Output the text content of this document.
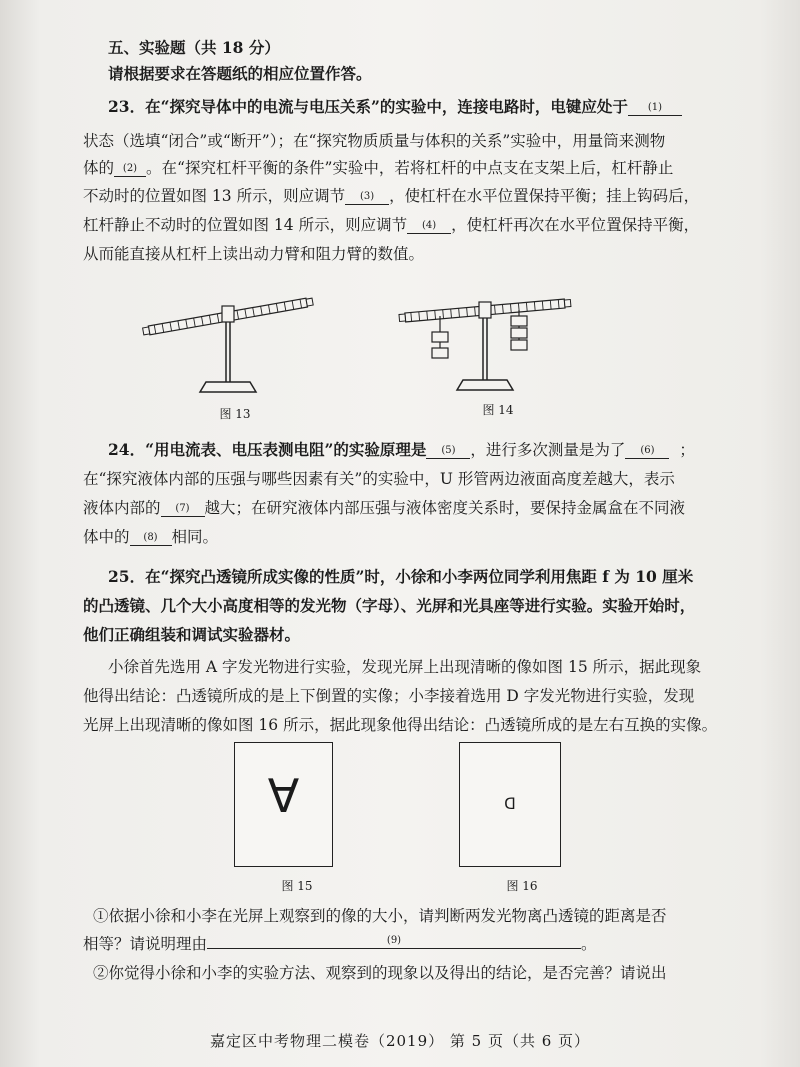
五、实验题（共 18 分）
请根据要求在答题纸的相应位置作答。
23．在“探究导体中的电流与电压关系”的实验中，连接电路时，电键应处于 (1)
状态（选填“闭合”或“断开”）；在“探究物质质量与体积的关系”实验中，用量筒来测物
体的 (2) 。在“探究杠杆平衡的条件”实验中，若将杠杆的中点支在支架上后，杠杆静止
不动时的位置如图 13 所示，则应调节 (3) ，使杠杆在水平位置保持平衡；挂上钩码后，
杠杆静止不动时的位置如图 14 所示，则应调节 (4) ，使杠杆再次在水平位置保持平衡，
从而能直接从杠杆上读出动力臂和阻力臂的数值。
图 13	图 14
24．“用电流表、电压表测电阻”的实验原理是 (5) ，进行多次测量是为了 (6) ；
在“探究液体内部的压强与哪些因素有关”的实验中，U 形管两边液面高度差越大，表示
液体内部的 (7) 越大；在研究液体内部压强与液体密度关系时，要保持金属盒在不同液
体中的 (8) 相同。
25．在“探究凸透镜所成实像的性质”时，小徐和小李两位同学利用焦距 f 为 10 厘米
的凸透镜、几个大小高度相等的发光物（字母）、光屏和光具座等进行实验。实验开始时，
他们正确组装和调试实验器材。
小徐首先选用 A 字发光物进行实验，发现光屏上出现清晰的像如图 15 所示，据此现象
他得出结论：凸透镜所成的是上下倒置的实像；小李接着选用 D 字发光物进行实验，发现
光屏上出现清晰的像如图 16 所示，据此现象他得出结论：凸透镜所成的是左右互换的实像。
∀
图 15
ᗡ
图 16
①依据小徐和小李在光屏上观察到的像的大小，请判断两发光物离凸透镜的距离是否
相等？请说明理由	(9)	。
②你觉得小徐和小李的实验方法、观察到的现象以及得出的结论，是否完善？请说出
嘉定区中考物理二模卷（2019） 第 5 页（共 6 页）
